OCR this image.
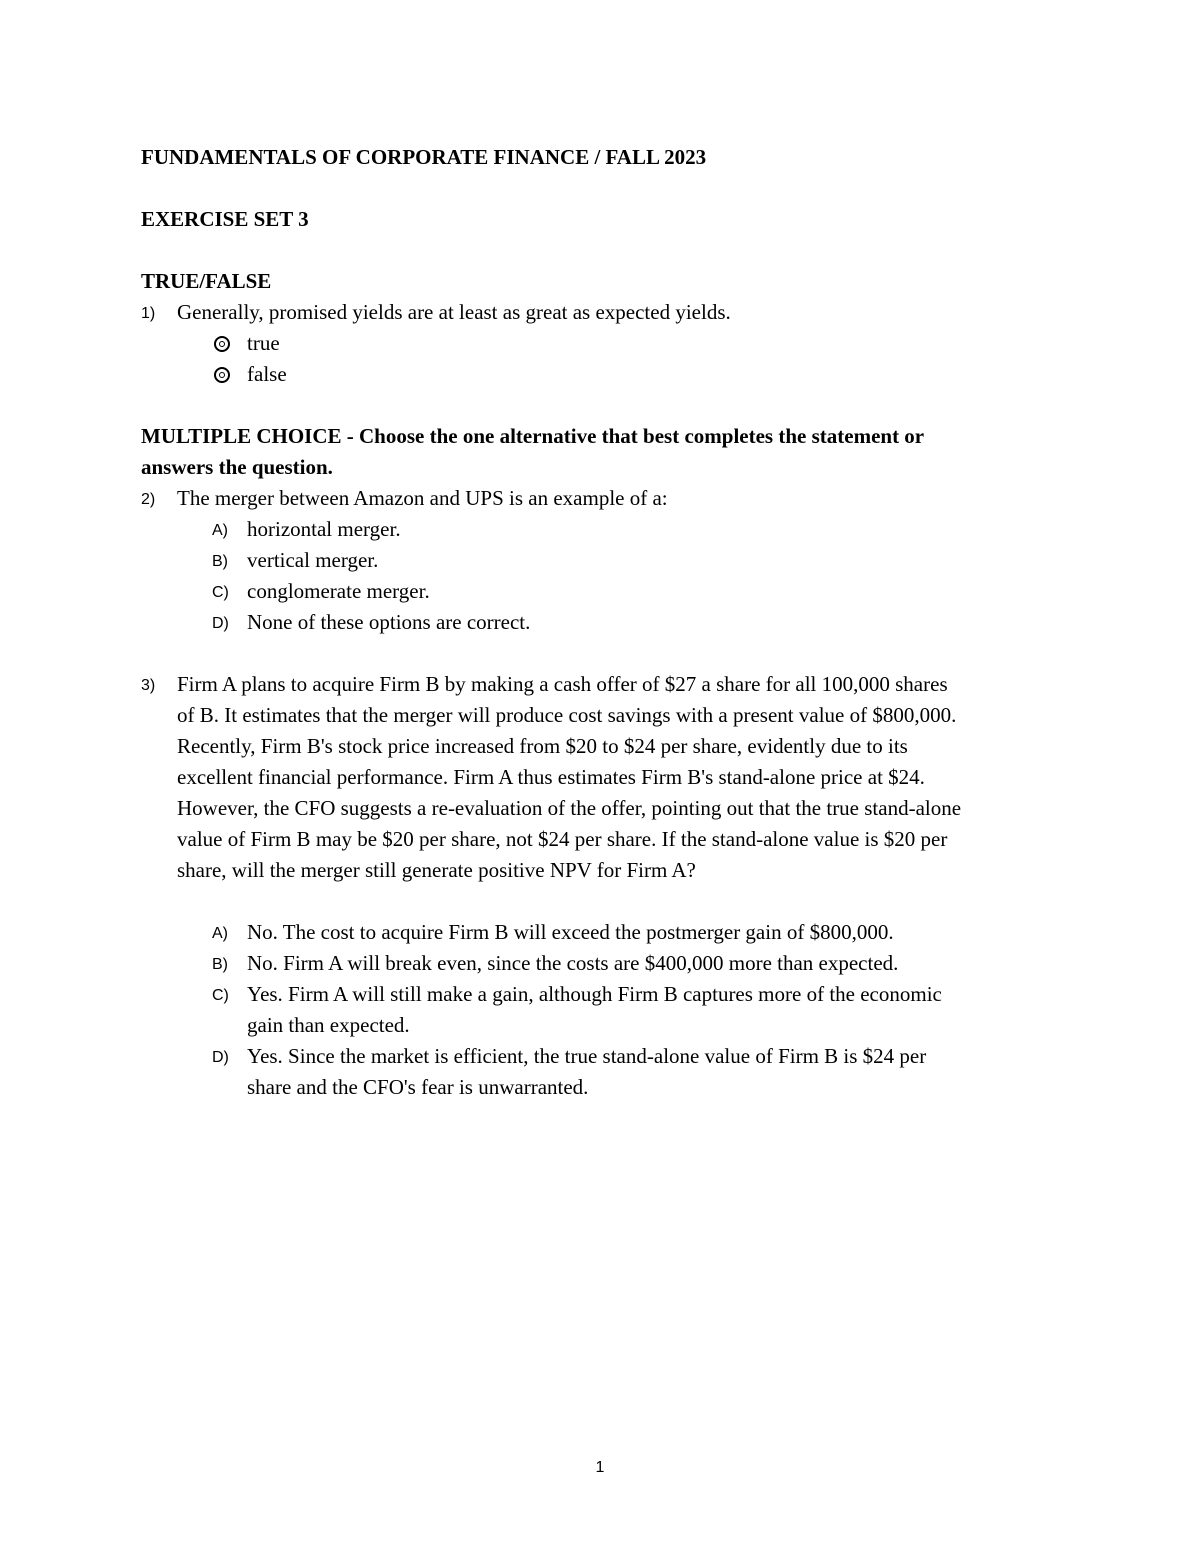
FUNDAMENTALS OF CORPORATE FINANCE / FALL 2023
EXERCISE SET 3
TRUE/FALSE
1) Generally, promised yields are at least as great as expected yields.
true
false
MULTIPLE CHOICE - Choose the one alternative that best completes the statement or
answers the question.
2) The merger between Amazon and UPS is an example of a:
A) horizontal merger.
B) vertical merger.
C) conglomerate merger.
D) None of these options are correct.
3) Firm A plans to acquire Firm B by making a cash offer of $27 a share for all 100,000 shares
of B. It estimates that the merger will produce cost savings with a present value of $800,000.
Recently, Firm B's stock price increased from $20 to $24 per share, evidently due to its
excellent financial performance. Firm A thus estimates Firm B's stand-alone price at $24.
However, the CFO suggests a re-evaluation of the offer, pointing out that the true stand-alone
value of Firm B may be $20 per share, not $24 per share. If the stand-alone value is $20 per
share, will the merger still generate positive NPV for Firm A?
A) No. The cost to acquire Firm B will exceed the postmerger gain of $800,000.
B) No. Firm A will break even, since the costs are $400,000 more than expected.
C) Yes. Firm A will still make a gain, although Firm B captures more of the economic
gain than expected.
D) Yes. Since the market is efficient, the true stand-alone value of Firm B is $24 per
share and the CFO's fear is unwarranted.
1
